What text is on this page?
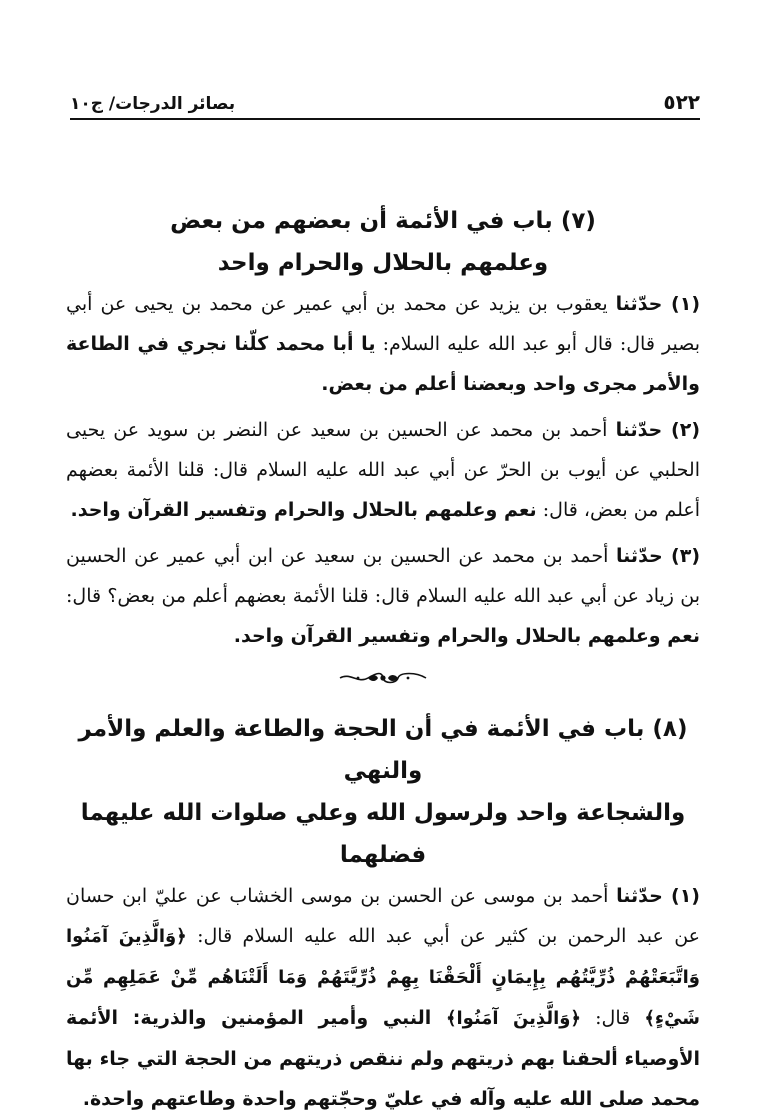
٥٢٢
بصائر الدرجات/ ج١٠
(٧) باب في الأئمة أن بعضهم من بعض
وعلمهم بالحلال والحرام واحد

(١) حدّثنا يعقوب بن يزيد عن محمد بن أبي عمير عن محمد بن يحيى عن أبي بصير قال: قال أبو عبد الله عليه السلام: يا أبا محمد كلّنا نجري في الطاعة والأمر مجرى واحد وبعضنا أعلم من بعض.

(٢) حدّثنا أحمد بن محمد عن الحسين بن سعيد عن النضر بن سويد عن يحيى الحلبي عن أيوب بن الحرّ عن أبي عبد الله عليه السلام قال: قلنا الأئمة بعضهم أعلم من بعض، قال: نعم وعلمهم بالحلال والحرام وتفسير القرآن واحد.

(٣) حدّثنا أحمد بن محمد عن الحسين بن سعيد عن ابن أبي عمير عن الحسين بن زياد عن أبي عبد الله عليه السلام قال: قلنا الأئمة بعضهم أعلم من بعض؟ قال: نعم وعلمهم بالحلال والحرام وتفسير القرآن واحد.

(٨) باب في الأئمة في أن الحجة والطاعة والعلم والأمر والنهي
والشجاعة واحد ولرسول الله وعلي صلوات الله عليهما فضلهما

(١) حدّثنا أحمد بن موسى عن الحسن بن موسى الخشاب عن عليّ ابن حسان عن عبد الرحمن بن كثير عن أبي عبد الله عليه السلام قال: ﴿وَالَّذِينَ آمَنُوا وَاتَّبَعَتْهُمْ ذُرِّيَّتُهُم بِإِيمَانٍ أَلْحَقْنَا بِهِمْ ذُرِّيَّتَهُمْ وَمَا أَلَتْنَاهُم مِّنْ عَمَلِهِم مِّن شَيْءٍ﴾ قال: ﴿وَالَّذِينَ آمَنُوا﴾ النبي وأمير المؤمنين والذرية: الأئمة الأوصياء ألحقنا بهم ذريتهم ولم ننقص ذريتهم من الحجة التي جاء بها محمد صلى الله عليه وآله في عليّ وحجّتهم واحدة وطاعتهم واحدة.
